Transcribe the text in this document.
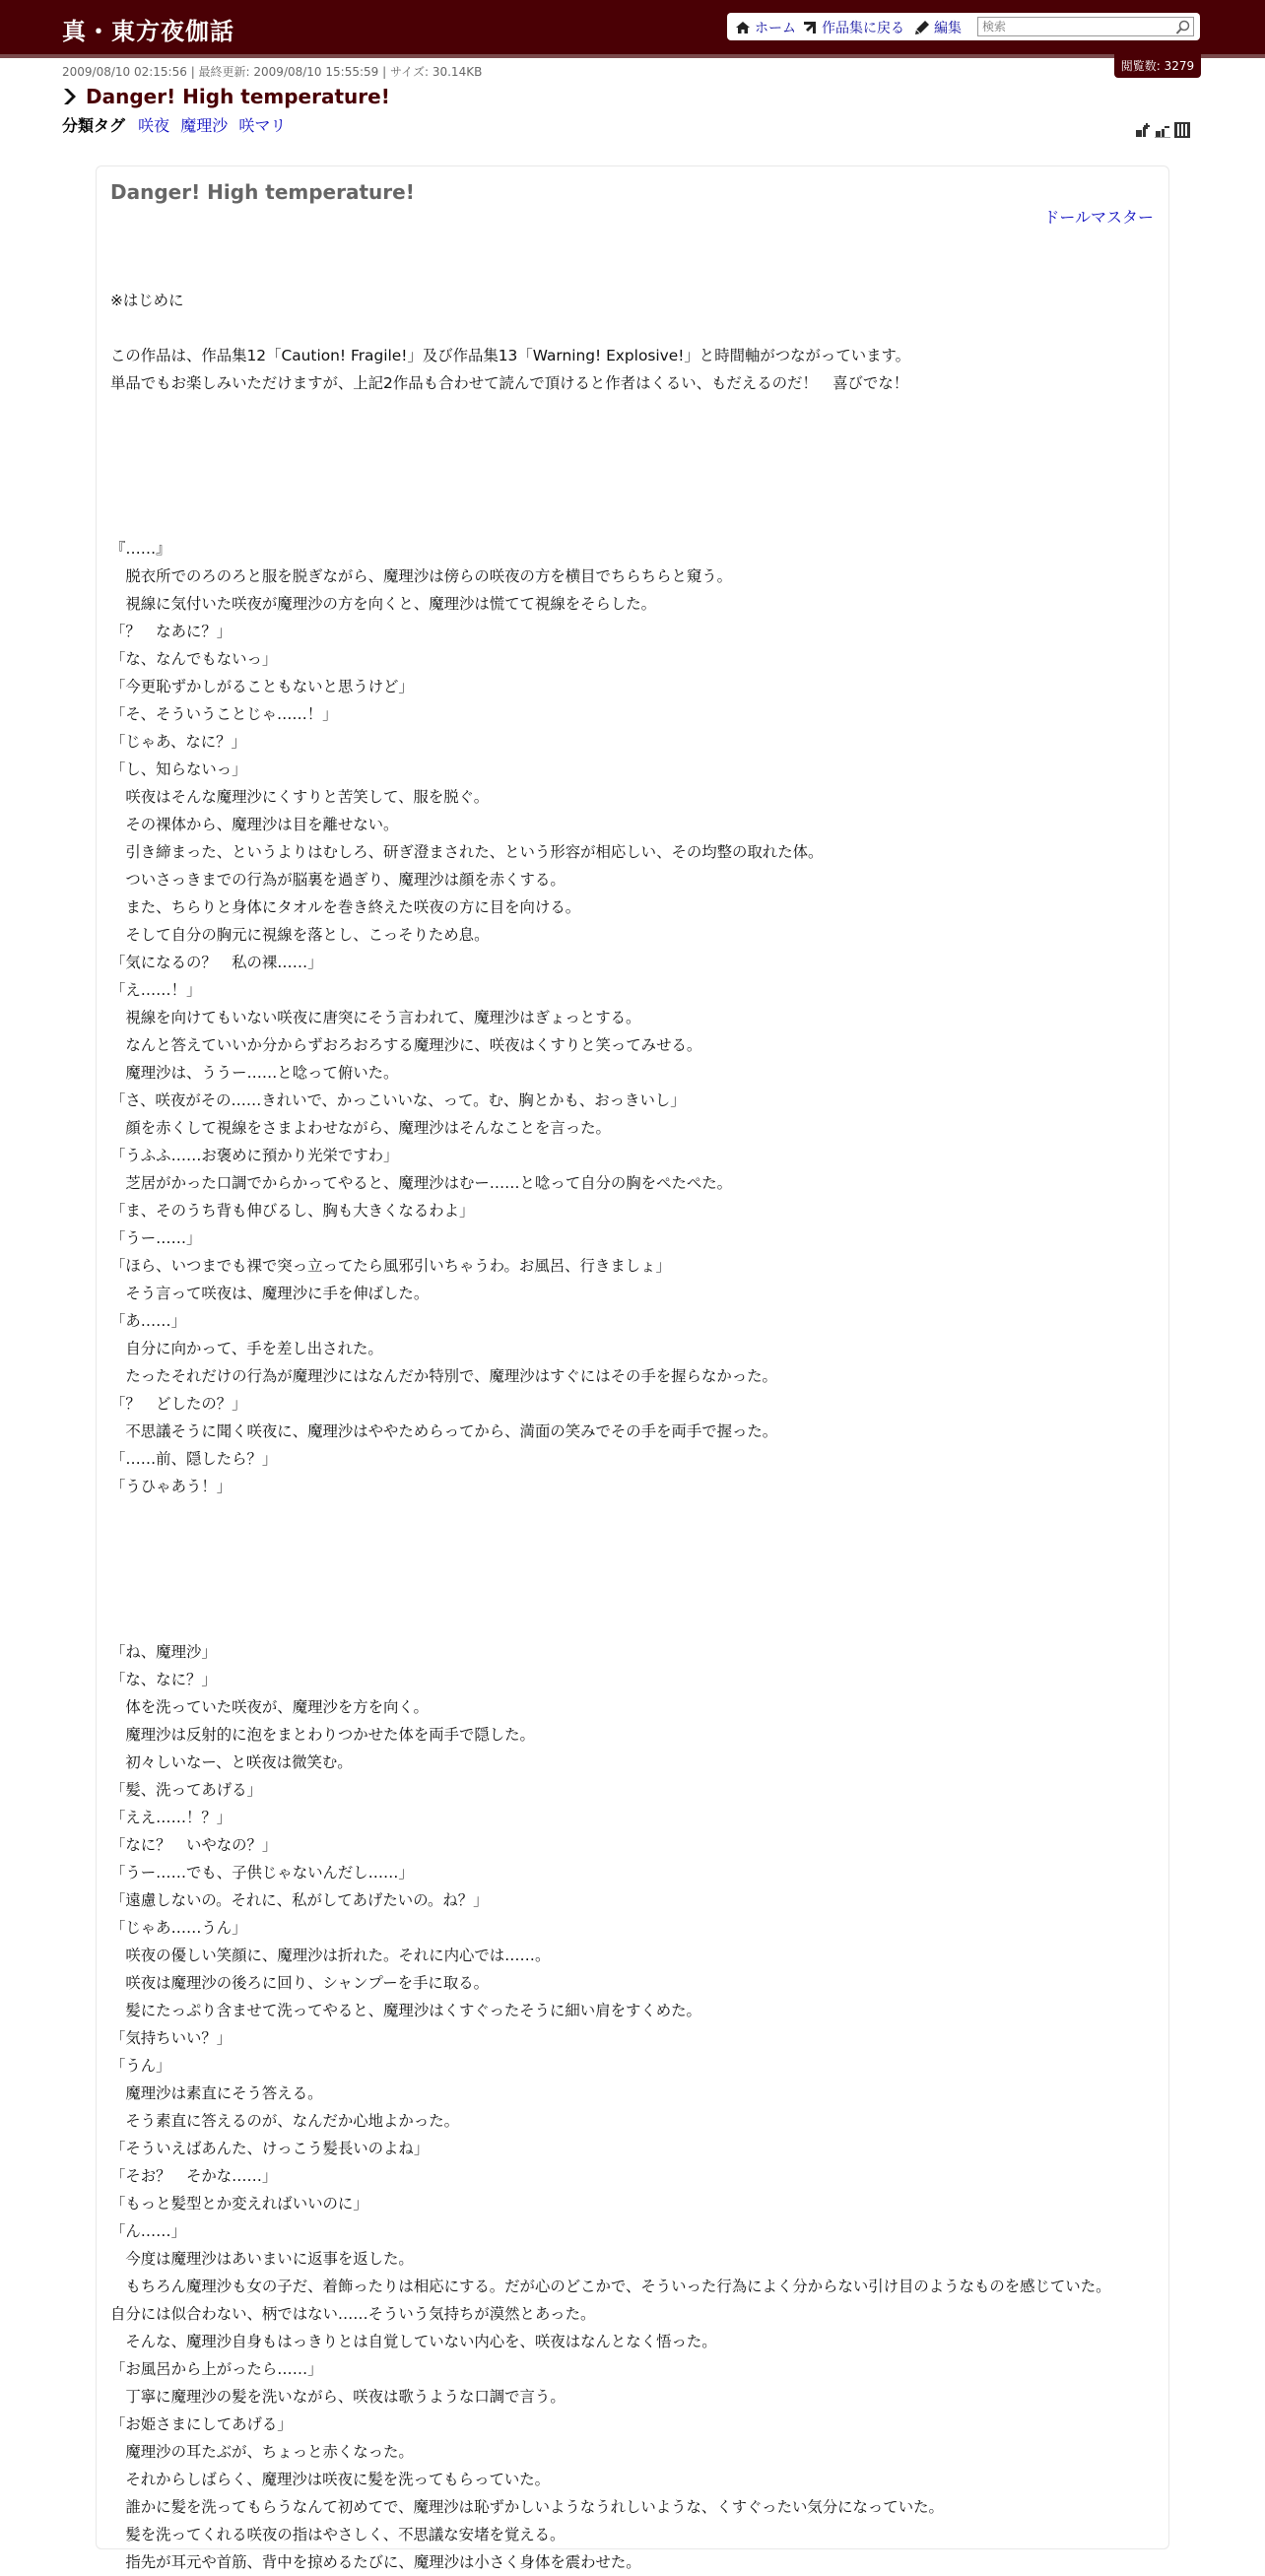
真・東方夜伽話	ホーム 作品集に戻る 編集
検索
閲覧数: 3279
2009/08/10 02:15:56 | 最終更新: 2009/08/10 15:55:59 | サイズ: 30.14KB
Danger! High temperature!
分類タグ 咲夜 魔理沙 咲マリ
Danger! High temperature!
ドールマスター
※はじめに
この作品は、作品集12「Caution! Fragile!」及び作品集13「Warning! Explosive!」と時間軸がつながっています。
単品でもお楽しみいただけますが、上記2作品も合わせて読んで頂けると作者はくるい、もだえるのだ！　喜びでな！
『……』
　脱衣所でのろのろと服を脱ぎながら、魔理沙は傍らの咲夜の方を横目でちらちらと窺う。
　視線に気付いた咲夜が魔理沙の方を向くと、魔理沙は慌てて視線をそらした。
「？　なあに？」
「な、なんでもないっ」
「今更恥ずかしがることもないと思うけど」
「そ、そういうことじゃ……！」
「じゃあ、なに？」
「し、知らないっ」
　咲夜はそんな魔理沙にくすりと苦笑して、服を脱ぐ。
　その裸体から、魔理沙は目を離せない。
　引き締まった、というよりはむしろ、研ぎ澄まされた、という形容が相応しい、その均整の取れた体。
　ついさっきまでの行為が脳裏を過ぎり、魔理沙は顔を赤くする。
　また、ちらりと身体にタオルを巻き終えた咲夜の方に目を向ける。
　そして自分の胸元に視線を落とし、こっそりため息。
「気になるの？　私の裸……」
「え……！」
　視線を向けてもいない咲夜に唐突にそう言われて、魔理沙はぎょっとする。
　なんと答えていいか分からずおろおろする魔理沙に、咲夜はくすりと笑ってみせる。
　魔理沙は、ううー……と唸って俯いた。
「さ、咲夜がその……きれいで、かっこいいな、って。む、胸とかも、おっきいし」
　顔を赤くして視線をさまよわせながら、魔理沙はそんなことを言った。
「うふふ……お褒めに預かり光栄ですわ」
　芝居がかった口調でからかってやると、魔理沙はむー……と唸って自分の胸をぺたぺた。
「ま、そのうち背も伸びるし、胸も大きくなるわよ」
「うー……」
「ほら、いつまでも裸で突っ立ってたら風邪引いちゃうわ。お風呂、行きましょ」
　そう言って咲夜は、魔理沙に手を伸ばした。
「あ……」
　自分に向かって、手を差し出された。
　たったそれだけの行為が魔理沙にはなんだか特別で、魔理沙はすぐにはその手を握らなかった。
「？　どしたの？」
　不思議そうに聞く咲夜に、魔理沙はややためらってから、満面の笑みでその手を両手で握った。
「……前、隠したら？」
「うひゃあう！」
「ね、魔理沙」
「な、なに？」
　体を洗っていた咲夜が、魔理沙を方を向く。
　魔理沙は反射的に泡をまとわりつかせた体を両手で隠した。
　初々しいなー、と咲夜は微笑む。
「髪、洗ってあげる」
「ええ……！？」
「なに？　いやなの？」
「うー……でも、子供じゃないんだし……」
「遠慮しないの。それに、私がしてあげたいの。ね？」
「じゃあ……うん」
　咲夜の優しい笑顔に、魔理沙は折れた。それに内心では……。
　咲夜は魔理沙の後ろに回り、シャンプーを手に取る。
　髪にたっぷり含ませて洗ってやると、魔理沙はくすぐったそうに細い肩をすくめた。
「気持ちいい？」
「うん」
　魔理沙は素直にそう答える。
　そう素直に答えるのが、なんだか心地よかった。
「そういえばあんた、けっこう髪長いのよね」
「そお？　そかな……」
「もっと髪型とか変えればいいのに」
「ん……」
　今度は魔理沙はあいまいに返事を返した。
　もちろん魔理沙も女の子だ、着飾ったりは相応にする。だが心のどこかで、そういった行為によく分からない引け目のようなものを感じていた。
自分には似合わない、柄ではない……そういう気持ちが漠然とあった。
　そんな、魔理沙自身もはっきりとは自覚していない内心を、咲夜はなんとなく悟った。
「お風呂から上がったら……」
　丁寧に魔理沙の髪を洗いながら、咲夜は歌うような口調で言う。
「お姫さまにしてあげる」
　魔理沙の耳たぶが、ちょっと赤くなった。
　それからしばらく、魔理沙は咲夜に髪を洗ってもらっていた。
　誰かに髪を洗ってもらうなんて初めてで、魔理沙は恥ずかしいようなうれしいような、くすぐったい気分になっていた。
　髪を洗ってくれる咲夜の指はやさしく、不思議な安堵を覚える。
　指先が耳元や首筋、背中を掠めるたびに、魔理沙は小さく身体を震わせた。
